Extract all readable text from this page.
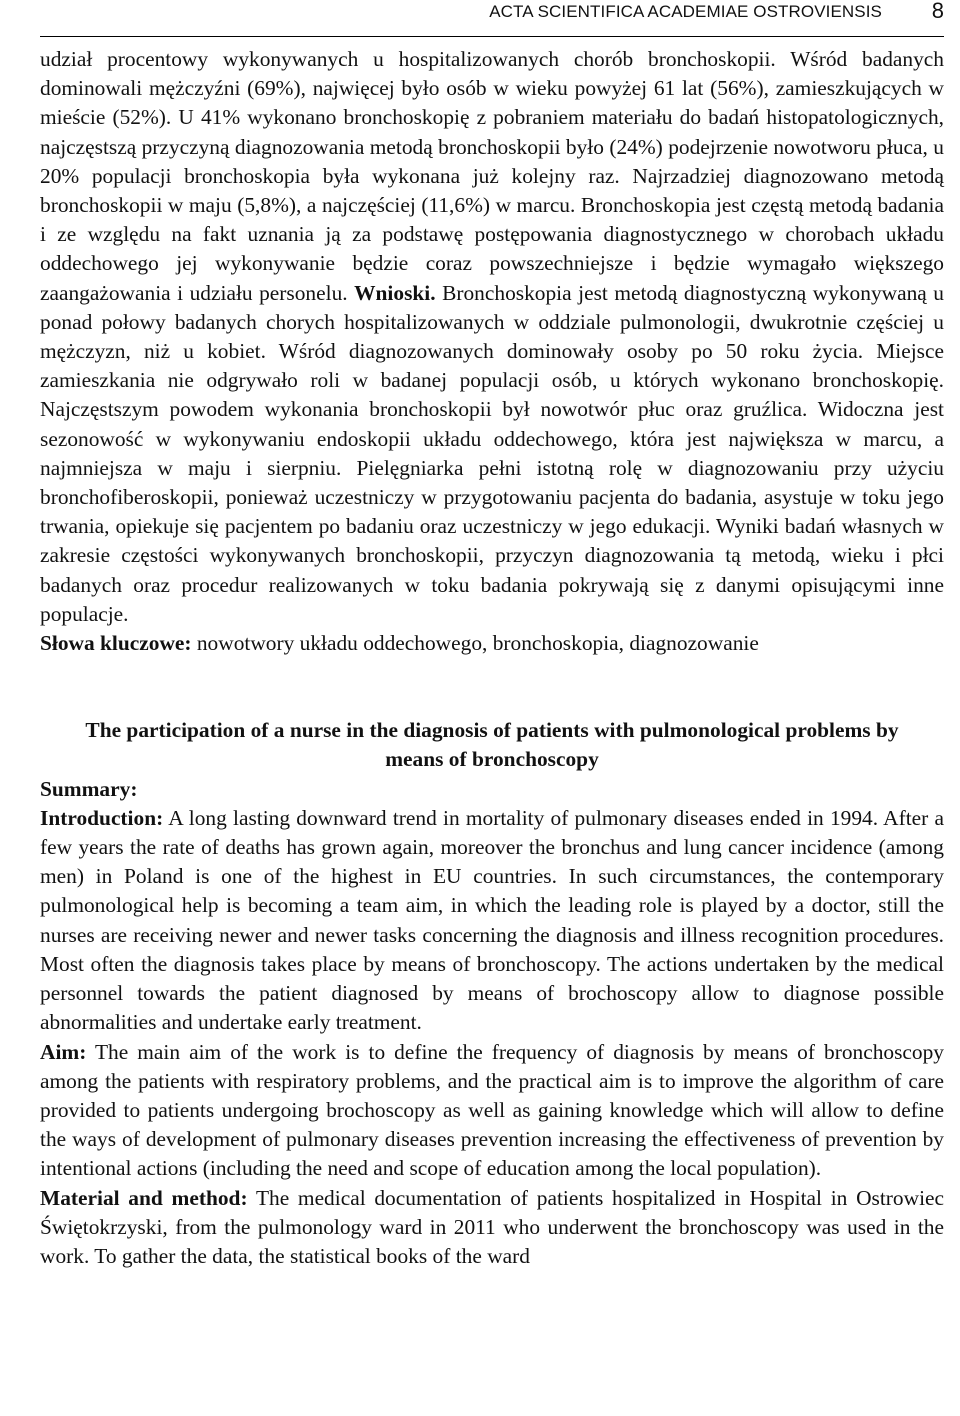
ACTA SCIENTIFICA ACADEMIAE OSTROVIENSIS 8

udział procentowy wykonywanych u hospitalizowanych chorób bronchoskopii. Wśród badanych dominowali mężczyźni (69%), najwięcej było osób w wieku powyżej 61 lat (56%), zamieszkujących w mieście (52%). U 41% wykonano bronchoskopię z pobraniem materiału do badań histopatologicznych, najczęstszą przyczyną diagnozowania metodą bronchoskopii było (24%) podejrzenie nowotworu płuca, u 20% populacji bronchoskopia była wykonana już kolejny raz. Najrzadziej diagnozowano metodą bronchoskopii w maju (5,8%), a najczęściej (11,6%) w marcu. Bronchoskopia jest częstą metodą badania i ze względu na fakt uznania ją za podstawę postępowania diagnostycznego w chorobach układu oddechowego jej wykonywanie będzie coraz powszechniejsze i będzie wymagało większego zaangażowania i udziału personelu. Wnioski. Bronchoskopia jest metodą diagnostyczną wykonywaną u ponad połowy badanych chorych hospitalizowanych w oddziale pulmonologii, dwukrotnie częściej u mężczyzn, niż u kobiet. Wśród diagnozowanych dominowały osoby po 50 roku życia. Miejsce zamieszkania nie odgrywało roli w badanej populacji osób, u których wykonano bronchoskopię. Najczęstszym powodem wykonania bronchoskopii był nowotwór płuc oraz gruźlica. Widoczna jest sezonowość w wykonywaniu endoskopii układu oddechowego, która jest największa w marcu, a najmniejsza w maju i sierpniu. Pielęgniarka pełni istotną rolę w diagnozowaniu przy użyciu bronchofiberoskopii, ponieważ uczestniczy w przygotowaniu pacjenta do badania, asystuje w toku jego trwania, opiekuje się pacjentem po badaniu oraz uczestniczy w jego edukacji. Wyniki badań własnych w zakresie częstości wykonywanych bronchoskopii, przyczyn diagnozowania tą metodą, wieku i płci badanych oraz procedur realizowanych w toku badania pokrywają się z danymi opisującymi inne populacje.

Słowa kluczowe: nowotwory układu oddechowego, bronchoskopia, diagnozowanie

The participation of a nurse in the diagnosis of patients with pulmonological problems by means of bronchoscopy

Summary:

Introduction: A long lasting downward trend in mortality of pulmonary diseases ended in 1994. After a few years the rate of deaths has grown again, moreover the bronchus and lung cancer incidence (among men) in Poland is one of the highest in EU countries. In such circumstances, the contemporary pulmonological help is becoming a team aim, in which the leading role is played by a doctor, still the nurses are receiving newer and newer tasks concerning the diagnosis and illness recognition procedures. Most often the diagnosis takes place by means of bronchoscopy. The actions undertaken by the medical personnel towards the patient diagnosed by means of brochoscopy allow to diagnose possible abnormalities and undertake early treatment.

Aim: The main aim of the work is to define the frequency of diagnosis by means of bronchoscopy among the patients with respiratory problems, and the practical aim is to improve the algorithm of care provided to patients undergoing brochoscopy as well as gaining knowledge which will allow to define the ways of development of pulmonary diseases prevention increasing the effectiveness of prevention by intentional actions (including the need and scope of education among the local population).

Material and method: The medical documentation of patients hospitalized in Hospital in Ostrowiec Świętokrzyski, from the pulmonology ward in 2011 who underwent the bronchoscopy was used in the work. To gather the data, the statistical books of the ward
